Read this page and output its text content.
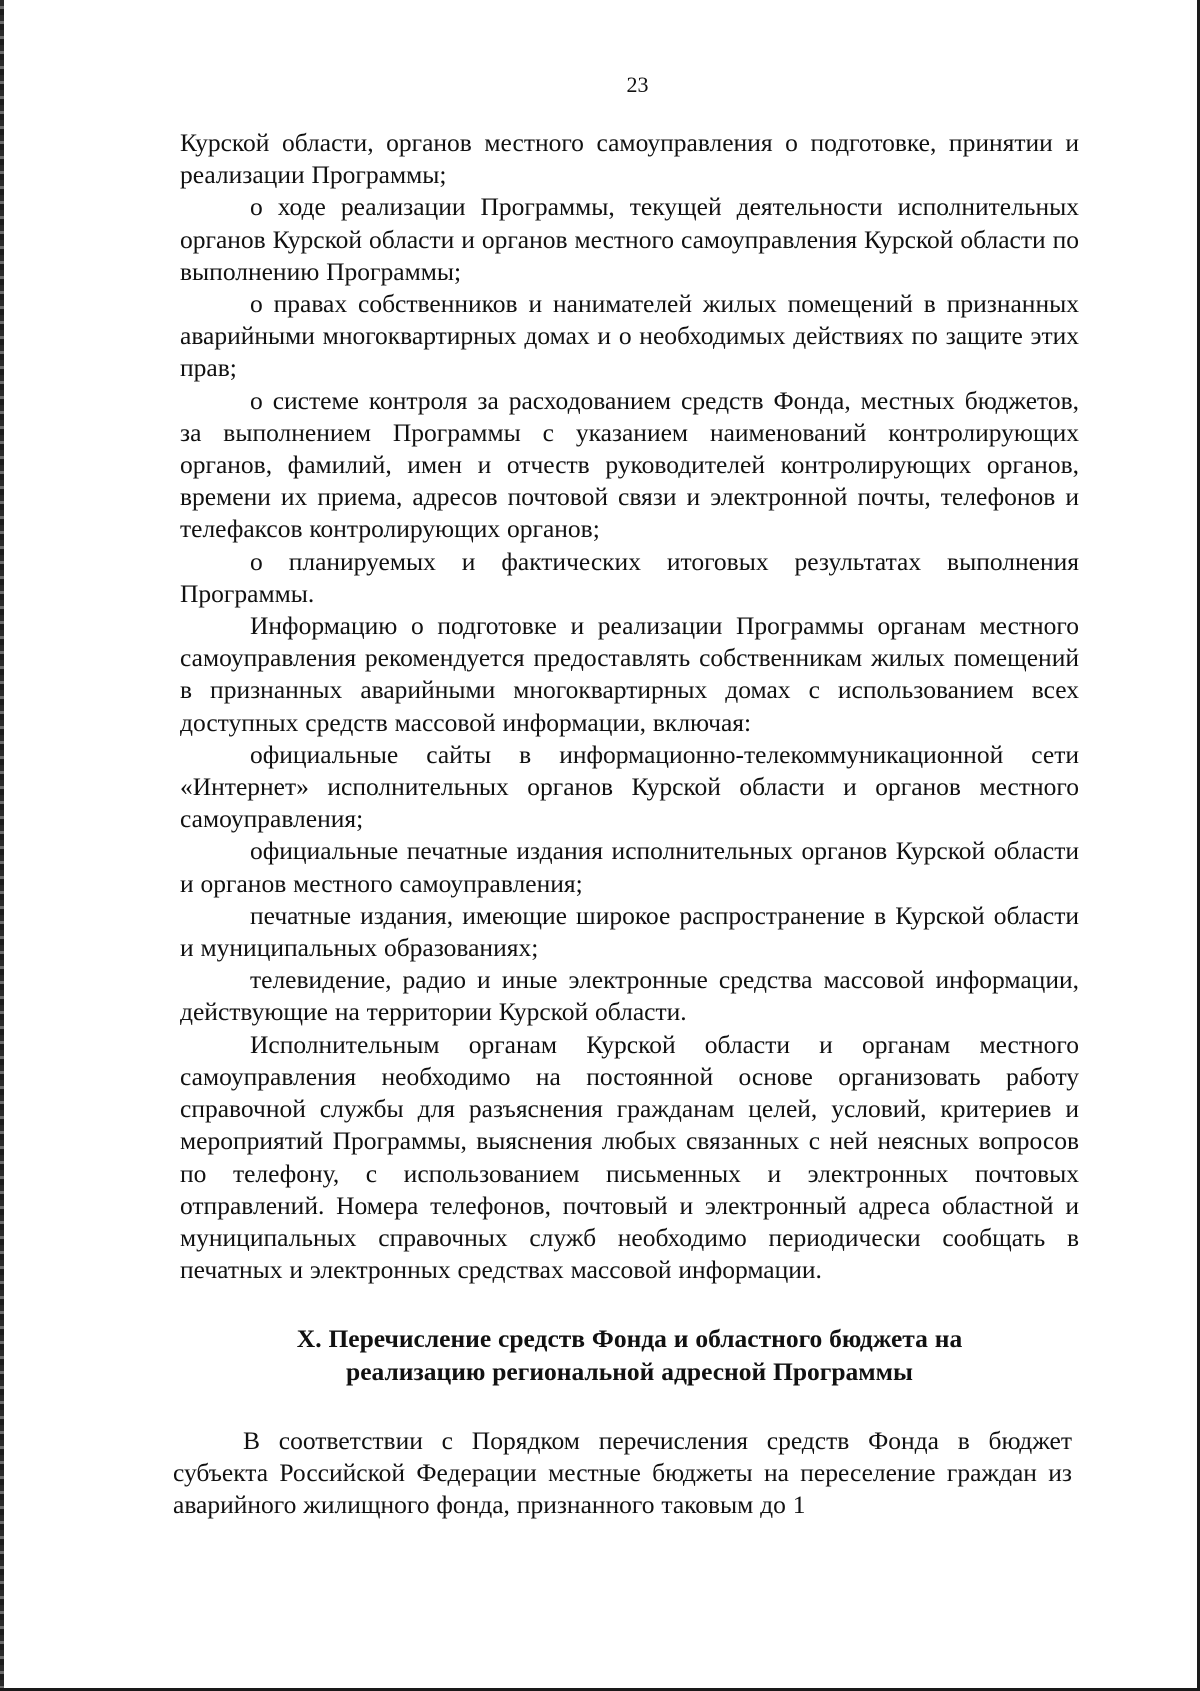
23

Курской области, органов местного самоуправления о подготовке, принятии и реализации Программы;

о ходе реализации Программы, текущей деятельности исполнительных органов Курской области и органов местного самоуправления Курской области по выполнению Программы;

о правах собственников и нанимателей жилых помещений в признанных аварийными многоквартирных домах и о необходимых действиях по защите этих прав;

о системе контроля за расходованием средств Фонда, местных бюджетов, за выполнением Программы с указанием наименований контролирующих органов, фамилий, имен и отчеств руководителей контролирующих органов, времени их приема, адресов почтовой связи и электронной почты, телефонов и телефаксов контролирующих органов;

о планируемых и фактических итоговых результатах выполнения Программы.

Информацию о подготовке и реализации Программы органам местного самоуправления рекомендуется предоставлять собственникам жилых помещений в признанных аварийными многоквартирных домах с использованием всех доступных средств массовой информации, включая:

официальные сайты в информационно-телекоммуникационной сети «Интернет» исполнительных органов Курской области и органов местного самоуправления;

официальные печатные издания исполнительных органов Курской области и органов местного самоуправления;

печатные издания, имеющие широкое распространение в Курской области и муниципальных образованиях;

телевидение, радио и иные электронные средства массовой информации, действующие на территории Курской области.

Исполнительным органам Курской области и органам местного самоуправления необходимо на постоянной основе организовать работу справочной службы для разъяснения гражданам целей, условий, критериев и мероприятий Программы, выяснения любых связанных с ней неясных вопросов по телефону, с использованием письменных и электронных почтовых отправлений. Номера телефонов, почтовый и электронный адреса областной и муниципальных справочных служб необходимо периодически сообщать в печатных и электронных средствах массовой информации.

X. Перечисление средств Фонда и областного бюджета на
реализацию региональной адресной Программы

В соответствии с Порядком перечисления средств Фонда в бюджет субъекта Российской Федерации местные бюджеты на переселение граждан из аварийного жилищного фонда, признанного таковым до 1
